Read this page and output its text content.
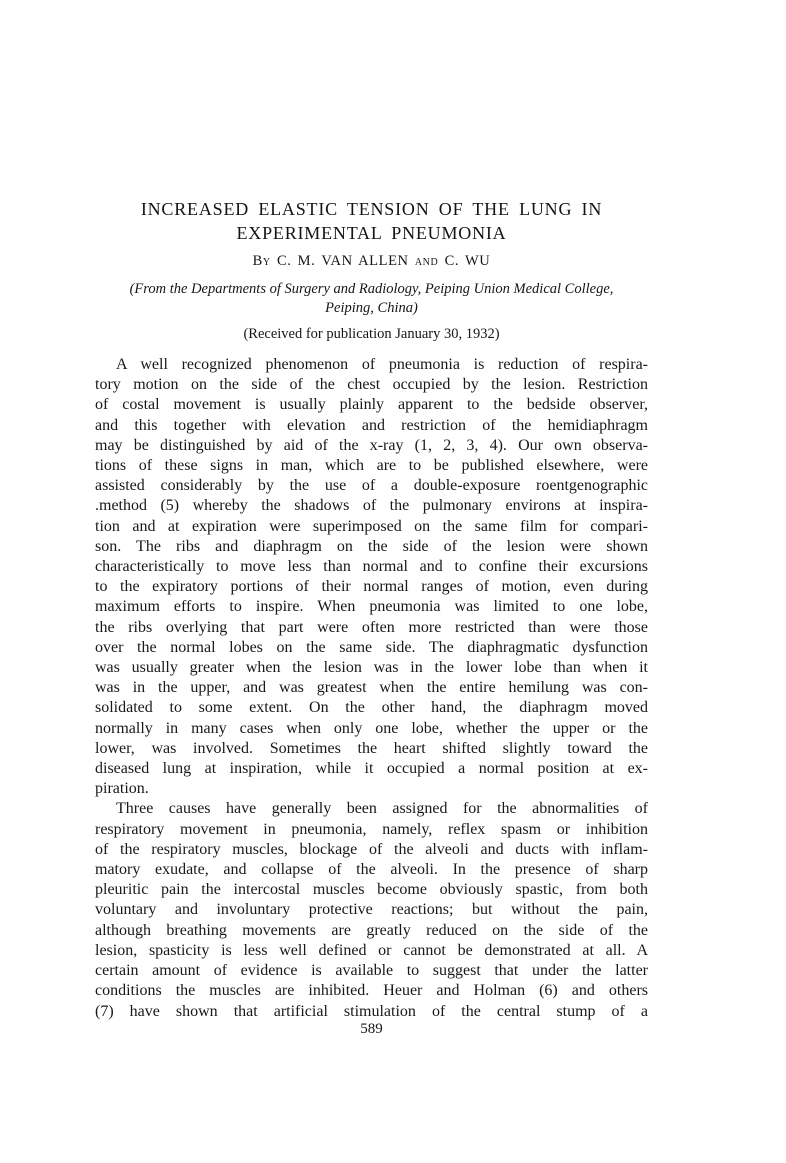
INCREASED ELASTIC TENSION OF THE LUNG IN
EXPERIMENTAL PNEUMONIA
By C. M. VAN ALLEN and C. WU
(From the Departments of Surgery and Radiology, Peiping Union Medical College,
Peiping, China)
(Received for publication January 30, 1932)
A well recognized phenomenon of pneumonia is reduction of respira-
tory motion on the side of the chest occupied by the lesion. Restriction
of costal movement is usually plainly apparent to the bedside observer,
and this together with elevation and restriction of the hemidiaphragm
may be distinguished by aid of the x-ray (1, 2, 3, 4). Our own observa-
tions of these signs in man, which are to be published elsewhere, were
assisted considerably by the use of a double-exposure roentgenographic
.method (5) whereby the shadows of the pulmonary environs at inspira-
tion and at expiration were superimposed on the same film for compari-
son. The ribs and diaphragm on the side of the lesion were shown
characteristically to move less than normal and to confine their excursions
to the expiratory portions of their normal ranges of motion, even during
maximum efforts to inspire. When pneumonia was limited to one lobe,
the ribs overlying that part were often more restricted than were those
over the normal lobes on the same side. The diaphragmatic dysfunction
was usually greater when the lesion was in the lower lobe than when it
was in the upper, and was greatest when the entire hemilung was con-
solidated to some extent. On the other hand, the diaphragm moved
normally in many cases when only one lobe, whether the upper or the
lower, was involved. Sometimes the heart shifted slightly toward the
diseased lung at inspiration, while it occupied a normal position at ex-
piration.
Three causes have generally been assigned for the abnormalities of
respiratory movement in pneumonia, namely, reflex spasm or inhibition
of the respiratory muscles, blockage of the alveoli and ducts with inflam-
matory exudate, and collapse of the alveoli. In the presence of sharp
pleuritic pain the intercostal muscles become obviously spastic, from both
voluntary and involuntary protective reactions; but without the pain,
although breathing movements are greatly reduced on the side of the
lesion, spasticity is less well defined or cannot be demonstrated at all. A
certain amount of evidence is available to suggest that under the latter
conditions the muscles are inhibited. Heuer and Holman (6) and others
(7) have shown that artificial stimulation of the central stump of a
589
